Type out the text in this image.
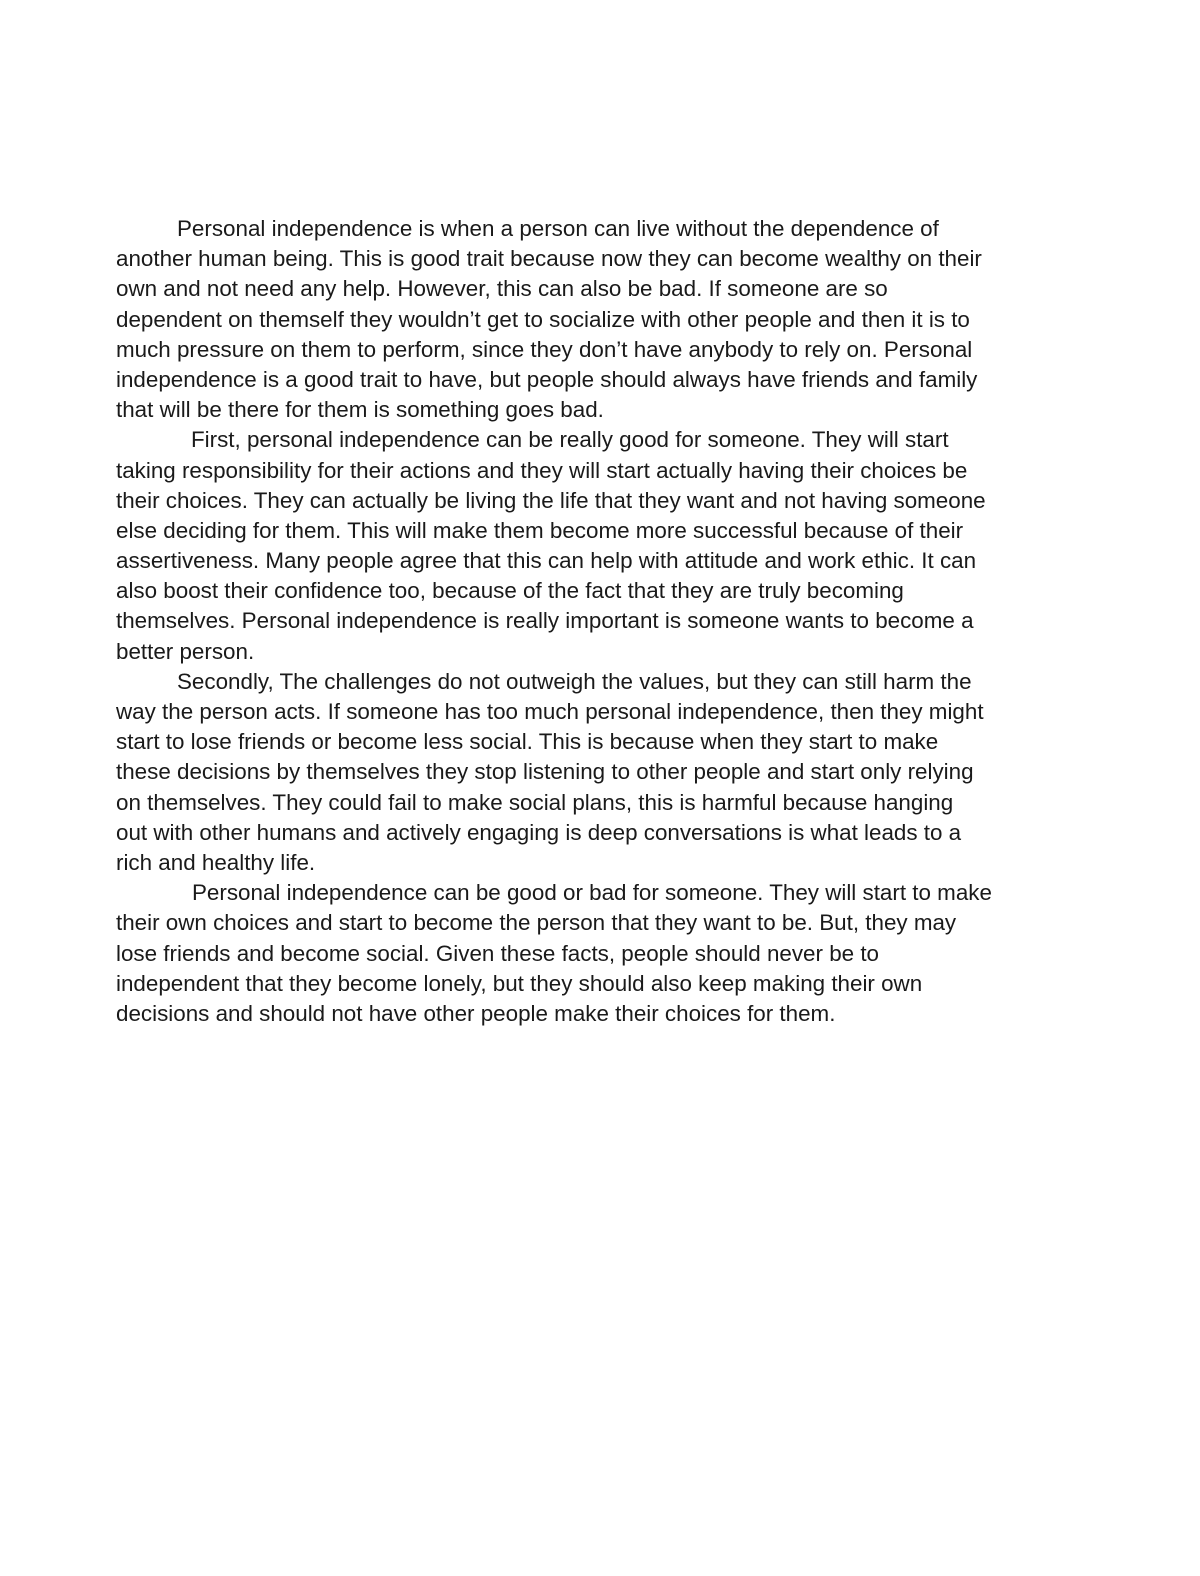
Personal independence is when a person can live without the dependence of
another human being. This is good trait because now they can become wealthy on their
own and not need any help. However, this can also be bad. If someone are so
dependent on themself they wouldn’t get to socialize with other people and then it is to
much pressure on them to perform, since they don’t have anybody to rely on. Personal
independence is a good trait to have, but people should always have friends and family
that will be there for them is something goes bad.
First, personal independence can be really good for someone. They will start
taking responsibility for their actions and they will start actually having their choices be
their choices. They can actually be living the life that they want and not having someone
else deciding for them. This will make them become more successful because of their
assertiveness. Many people agree that this can help with attitude and work ethic. It can
also boost their confidence too, because of the fact that they are truly becoming
themselves. Personal independence is really important is someone wants to become a
better person.
Secondly, The challenges do not outweigh the values, but they can still harm the
way the person acts. If someone has too much personal independence, then they might
start to lose friends or become less social. This is because when they start to make
these decisions by themselves they stop listening to other people and start only relying
on themselves. They could fail to make social plans, this is harmful because hanging
out with other humans and actively engaging is deep conversations is what leads to a
rich and healthy life.
Personal independence can be good or bad for someone. They will start to make
their own choices and start to become the person that they want to be. But, they may
lose friends and become social. Given these facts, people should never be to
independent that they become lonely, but they should also keep making their own
decisions and should not have other people make their choices for them.
